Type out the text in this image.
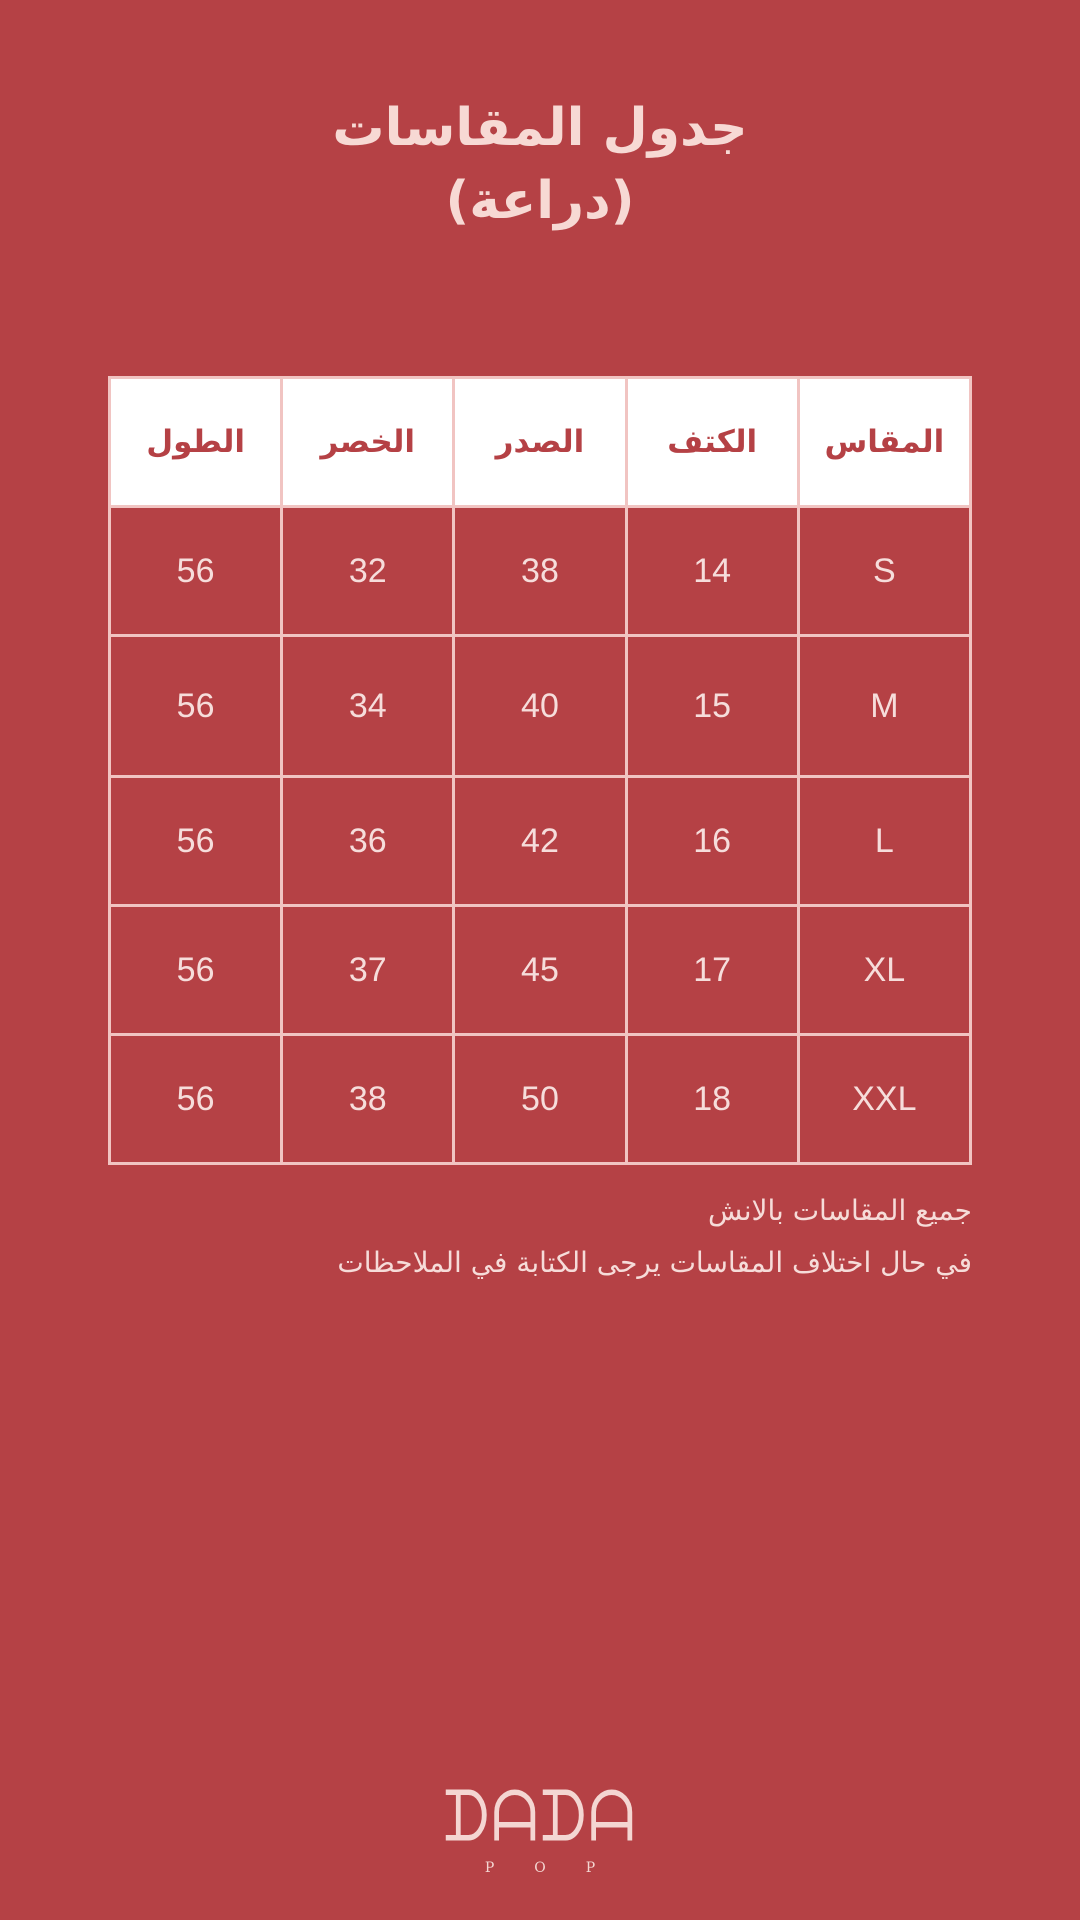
جدول المقاسات
(دراعة)
الطول	الخصر	الصدر	الكتف	المقاس
56	32	38	14	S
56	34	40	15	M
56	36	42	16	L
56	37	45	17	XL
56	38	50	18	XXL

جميع المقاسات بالانش

في حال اختلاف المقاسات يرجى الكتابة في الملاحظات

ᗪᗩᗪᗩ
P	O	P
